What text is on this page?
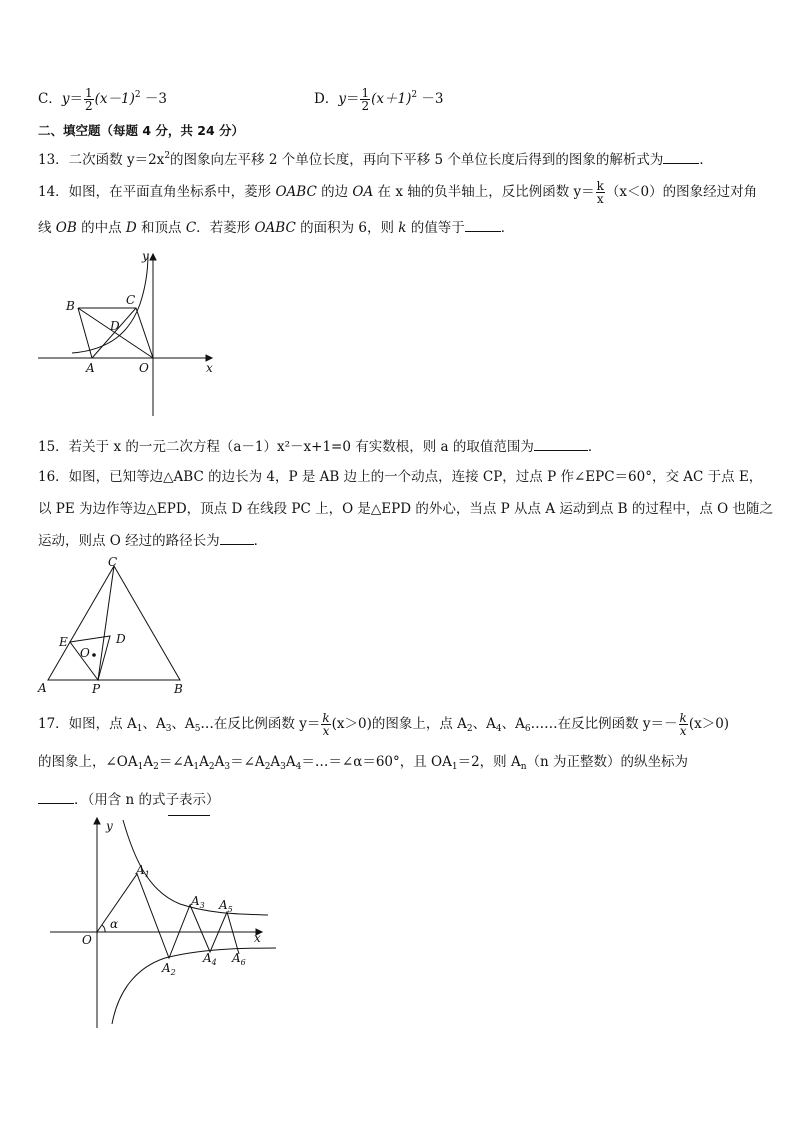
C．$y= \frac{1}{2} (x-1)^2 -3$	D．$y= \frac{1}{2} (x+1)^2 -3$
二、填空题（每题 4 分，共 24 分）
13．二次函数 $y=2x^2$的图象向左平移 2 个单位长度，再向下平移 5 个单位长度后得到的图象的解析式为	．
14．如图，在平面直角坐标系中，菱形 OABC 的边 OA 在 x 轴的负半轴上，反比例函数 $y= \frac{k}{x} (x<0)$的图象经过对角
线 OB 的中点 D 和顶点 C．若菱形 OABC 的面积为 6，则 k 的值等于	．
y
x
B	C
D
A	O
15．若关于 x 的一元二次方程（a－1）x²－x+1=0 有实数根，则 a 的取值范围为	．
16．如图，已知等边△ABC 的边长为 4，P 是 AB 边上的一个动点，连接 CP，过点 P 作∠EPC＝60°，交 AC 于点 E，
以 PE 为边作等边△EPD，顶点 D 在线段 PC 上，O 是△EPD 的外心，当点 P 从点 A 运动到点 B 的过程中，点 O 也随之
运动，则点 O 经过的路径长为	．
C
E	D
O
A	P	B
17．如图，点 $A_1$、$A_3$、$A_5\dots$在反比例函数 $y= \frac{k}{x} (x>0)$的图象上，点 $A_2$、$A_4$、$A_6\dots\dots$在反比例函数 $y=- \frac{k}{x} (x>0)$
的图象上，$\angle OA_1A_2=\angle A_1A_2A_3=\angle A_2A_3A_4=\dots=\angle\alpha=60^\circ$，且 $OA_1=2$，则 $A_n(n$ 为正整数）的纵坐标为
．（用含 n 的式子表示）
y
x
O
α
$A_1$
$A_2$
$A_3$
$A_4$
$A_5$
$A_6$
